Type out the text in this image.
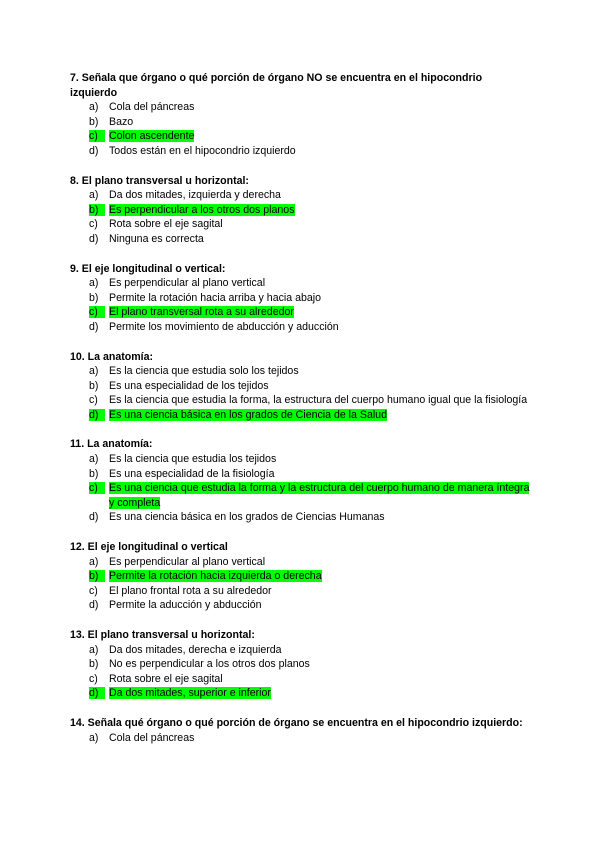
7. Señala que órgano o qué porción de órgano NO se encuentra en el hipocondrio izquierdo
a) Cola del páncreas
b) Bazo
c)	Colon ascendente
d) Todos están en el hipocondrio izquierdo
8. El plano transversal u horizontal:
a) Da dos mitades, izquierda y derecha
b) Es perpendicular a los otros dos planos
c)	Rota sobre el eje sagital
d) Ninguna es correcta
9. El eje longitudinal o vertical:
a) Es perpendicular al plano vertical
b) Permite la rotación hacia arriba y hacia abajo
c)	El plano transversal rota a su alrededor
d) Permite los movimiento de abducción y aducción
10. La anatomía:
a) Es la ciencia que estudia solo los tejidos
b) Es una especialidad de los tejidos
c)	Es la ciencia que estudia la forma, la estructura del cuerpo humano igual que la fisiología
d) Es una ciencia básica en los grados de Ciencia de la Salud
11. La anatomía:
a) Es la ciencia que estudia los tejidos
b) Es una especialidad de la fisiología
c)	Es una ciencia que estudia la forma y la estructura del cuerpo humano de manera íntegra y completa
d) Es una ciencia básica en los grados de Ciencias Humanas
12. El eje longitudinal o vertical
a) Es perpendicular al plano vertical
b) Permite la rotación hacia izquierda o derecha
c)	El plano frontal rota a su alrededor
d) Permite la aducción y abducción
13. El plano transversal u horizontal:
a) Da dos mitades, derecha e izquierda
b) No es perpendicular a los otros dos planos
c)	Rota sobre el eje sagital
d) Da dos mitades, superior e inferior
14. Señala qué órgano o qué porción de órgano se encuentra en el hipocondrio izquierdo:
a) Cola del páncreas
